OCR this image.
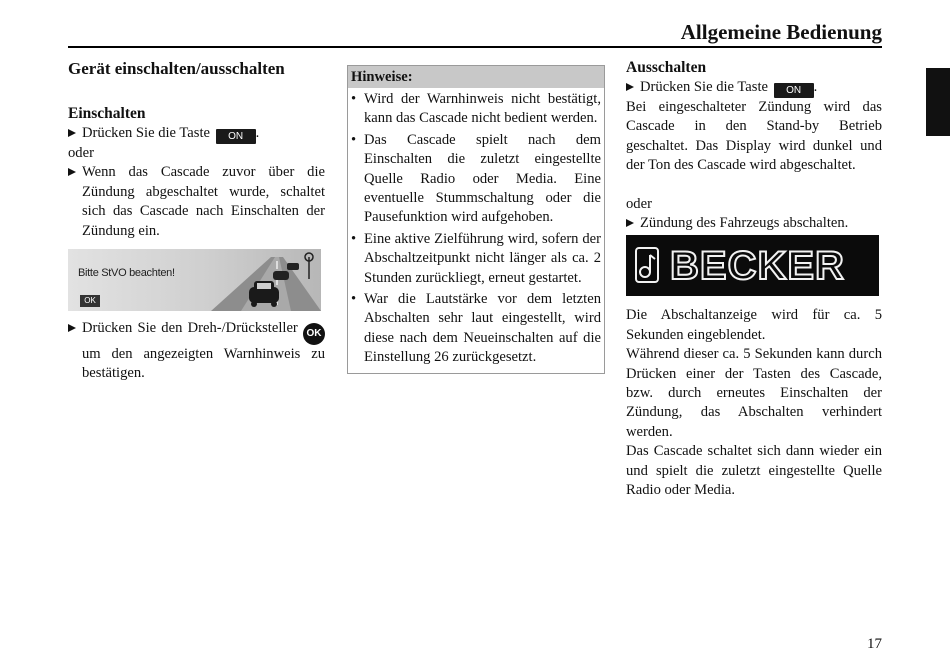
Allgemeine Bedienung
Gerät einschalten/ausschalten
Einschalten
Drücken Sie die Taste ON .

oder

Wenn das Cascade zuvor über die Zündung abgeschaltet wurde, schaltet sich das Cascade nach Einschalten der Zündung ein.
Bitte StVO beachten!
OK
Drücken Sie den Dreh-/Drücksteller OK um den angezeigten Warnhinweis zu bestätigen.
Hinweise:
• Wird der Warnhinweis nicht bestätigt, kann das Cascade nicht bedient werden.
• Das Cascade spielt nach dem Einschalten die zuletzt eingestellte Quelle Radio oder Media. Eine eventuelle Stummschaltung oder die Pausefunktion wird aufgehoben.
• Eine aktive Zielführung wird, sofern der Abschaltzeitpunkt nicht länger als ca. 2 Stunden zurückliegt, erneut gestartet.
• War die Lautstärke vor dem letzten Abschalten sehr laut eingestellt, wird diese nach dem Neueinschalten auf die Einstellung 26 zurückgesetzt.
Ausschalten
Drücken Sie die Taste ON .

Bei eingeschalteter Zündung wird das Cascade in den Stand-by Betrieb geschaltet. Das Display wird dunkel und der Ton des Cascade wird abgeschaltet.

oder

Zündung des Fahrzeugs abschalten.
BECKER

Die Abschaltanzeige wird für ca. 5 Sekunden eingeblendet.

Während dieser ca. 5 Sekunden kann durch Drücken einer der Tasten des Cascade, bzw. durch erneutes Einschalten der Zündung, das Abschalten verhindert werden.

Das Cascade schaltet sich dann wieder ein und spielt die zuletzt eingestellte Quelle Radio oder Media.

17
